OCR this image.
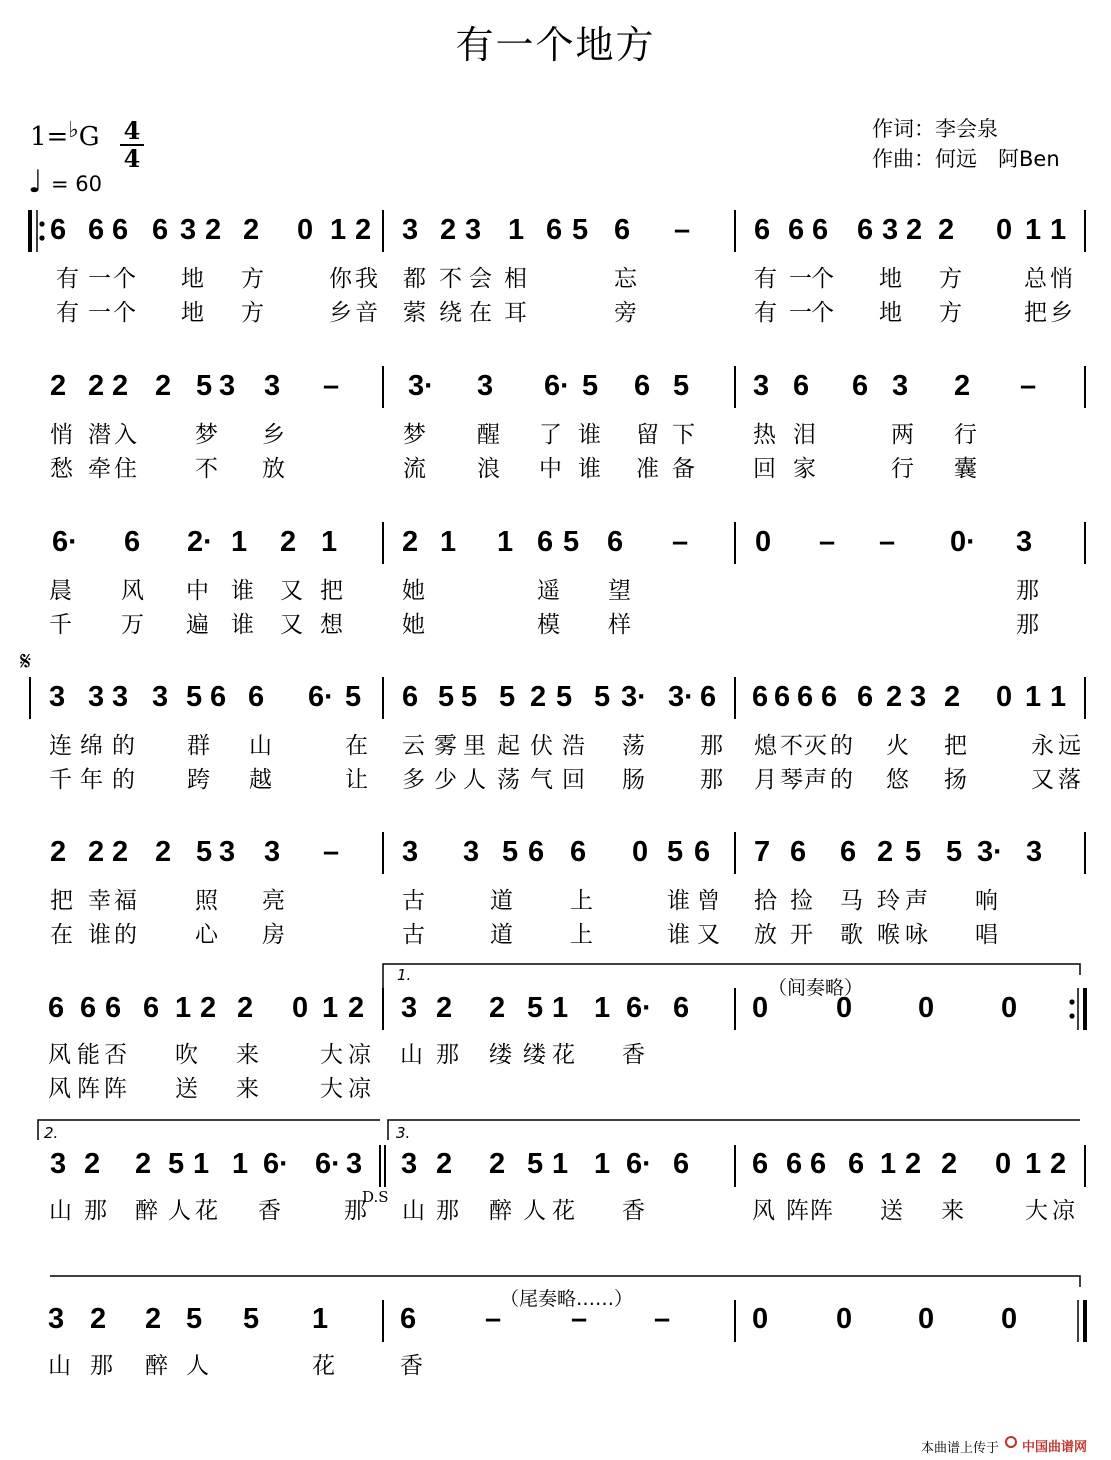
有一个地方
1=♭G 4
4
♩ = 60
作词：李会泉
作曲：何远　阿Ben
6 6 6 6 3 2 2 0 1 2 3 2 3 1 6 5 6 – 6 6 6 6 3 2 2 0 1 1
有 一 个 地 方	你 我 都 不 会 相	忘	有 一 个 地 方	总 悄
有 一 个 地 方	乡 音 萦 绕 在 耳	旁	有 一 个 地 方	把 乡
2 2 2 2 5 3 3 – 3· 3 6· 5 6 5 3 6 6 3 2 –
悄 潜 入	梦 乡	梦 醒 了 谁 留 下	热 泪	两 行
愁 牵 住	不 放	流 浪 中 谁 准 备	回 家	行 囊
6· 6 2· 1 2 1 2 1 1 6 5 6 – 0 – – 0· 3
晨 风 中 谁 又 把	她	遥 望	那
千 万 遍 谁 又 想	她	模 样	那
3 3 3 3 5 6 6 6· 5 6 5 5 5 2 5 5 3· 3· 6 6 6 6 6 6 2 3 2 0 1 1
连 绵 的 群 山	在 云 雾 里 起 伏 浩 荡 那 熄 不 灭 的 火 把	永 远
千 年 的 跨 越	让 多 少 人 荡 气 回 肠 那 月 琴 声 的 悠 扬	又 落
2 2 2 2 5 3 3 – 3 3 5 6 6 0 5 6 7 6 6 2 5 5 3· 3
把 幸 福	照 亮	古	道 上	谁 曾 拾 捡 马 玲 声 响
在 谁 的	心 房	古	道 上	谁 又 放 开 歌 喉 咏 唱
6 6 6 6 1 2 2 0 1 2 3 2 2 5 1 1 6· 6 0 0 0 0
风 能 否 吹 来	大 凉 山 那 缕 缕 花 香
风 阵 阵 送 来	大 凉
3 2 2 5 1 1 6· 6· 3 3 2 2 5 1 1 6· 6 6 6 6 6 1 2 2 0 1 2
山 那 醉 人 花 香	那 山 那 醉 人 花 香	风 阵 阵 送 来	大 凉
3 2 2 5 5 1 6 – – –	0 0 0 0
山 那 醉 人	花	香
𝄋
1.
2.	3.
（间奏略）
（尾奏略……）
D.S
本曲谱上传于 中国曲谱网
